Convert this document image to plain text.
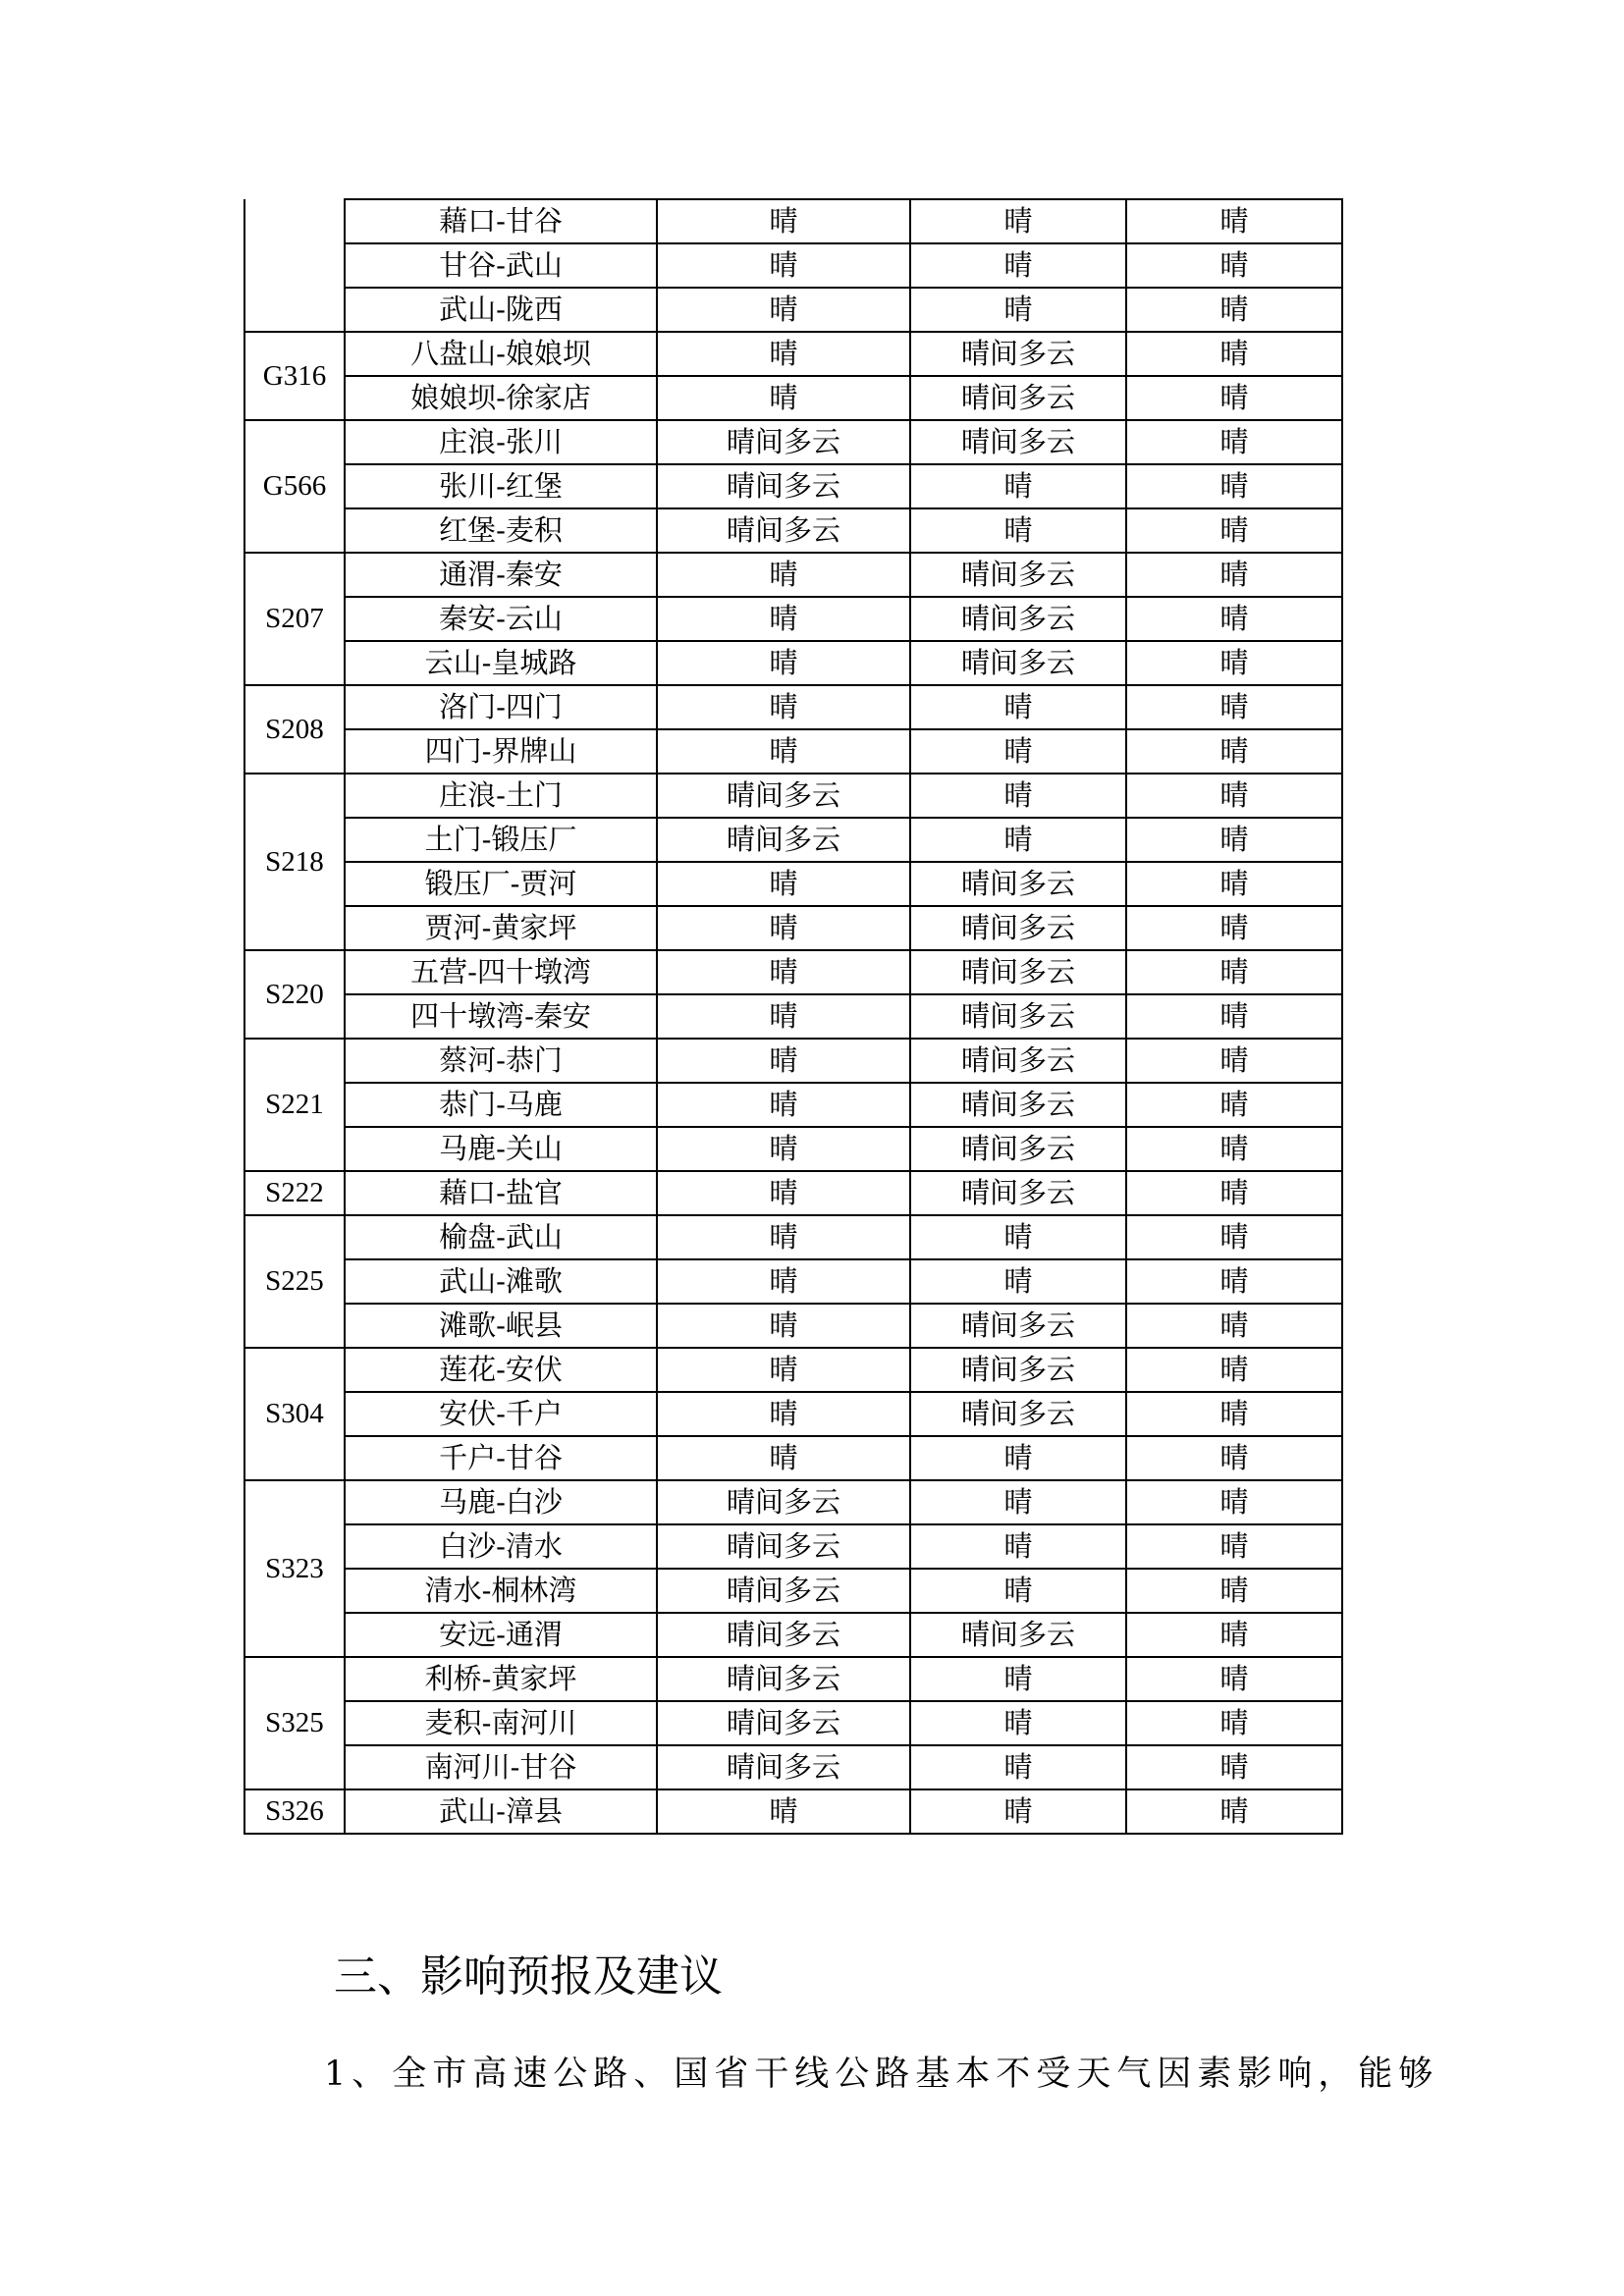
	藉口-甘谷	晴	晴	晴
	甘谷-武山	晴	晴	晴
	武山-陇西	晴	晴	晴
G316	八盘山-娘娘坝	晴	晴间多云	晴
	娘娘坝-徐家店	晴	晴间多云	晴
G566	庄浪-张川	晴间多云	晴间多云	晴
	张川-红堡	晴间多云	晴	晴
	红堡-麦积	晴间多云	晴	晴
S207	通渭-秦安	晴	晴间多云	晴
	秦安-云山	晴	晴间多云	晴
	云山-皇城路	晴	晴间多云	晴
S208	洛门-四门	晴	晴	晴
	四门-界牌山	晴	晴	晴
S218	庄浪-土门	晴间多云	晴	晴
	土门-锻压厂	晴间多云	晴	晴
	锻压厂-贾河	晴	晴间多云	晴
	贾河-黄家坪	晴	晴间多云	晴
S220	五营-四十墩湾	晴	晴间多云	晴
	四十墩湾-秦安	晴	晴间多云	晴
S221	蔡河-恭门	晴	晴间多云	晴
	恭门-马鹿	晴	晴间多云	晴
	马鹿-关山	晴	晴间多云	晴
S222	藉口-盐官	晴	晴间多云	晴
S225	榆盘-武山	晴	晴	晴
	武山-滩歌	晴	晴	晴
	滩歌-岷县	晴	晴间多云	晴
S304	莲花-安伏	晴	晴间多云	晴
	安伏-千户	晴	晴间多云	晴
	千户-甘谷	晴	晴	晴
S323	马鹿-白沙	晴间多云	晴	晴
	白沙-清水	晴间多云	晴	晴
	清水-桐林湾	晴间多云	晴	晴
	安远-通渭	晴间多云	晴间多云	晴
S325	利桥-黄家坪	晴间多云	晴	晴
	麦积-南河川	晴间多云	晴	晴
	南河川-甘谷	晴间多云	晴	晴
S326	武山-漳县	晴	晴	晴
三、影响预报及建议
1、全市高速公路、国省干线公路基本不受天气因素影响，能够
